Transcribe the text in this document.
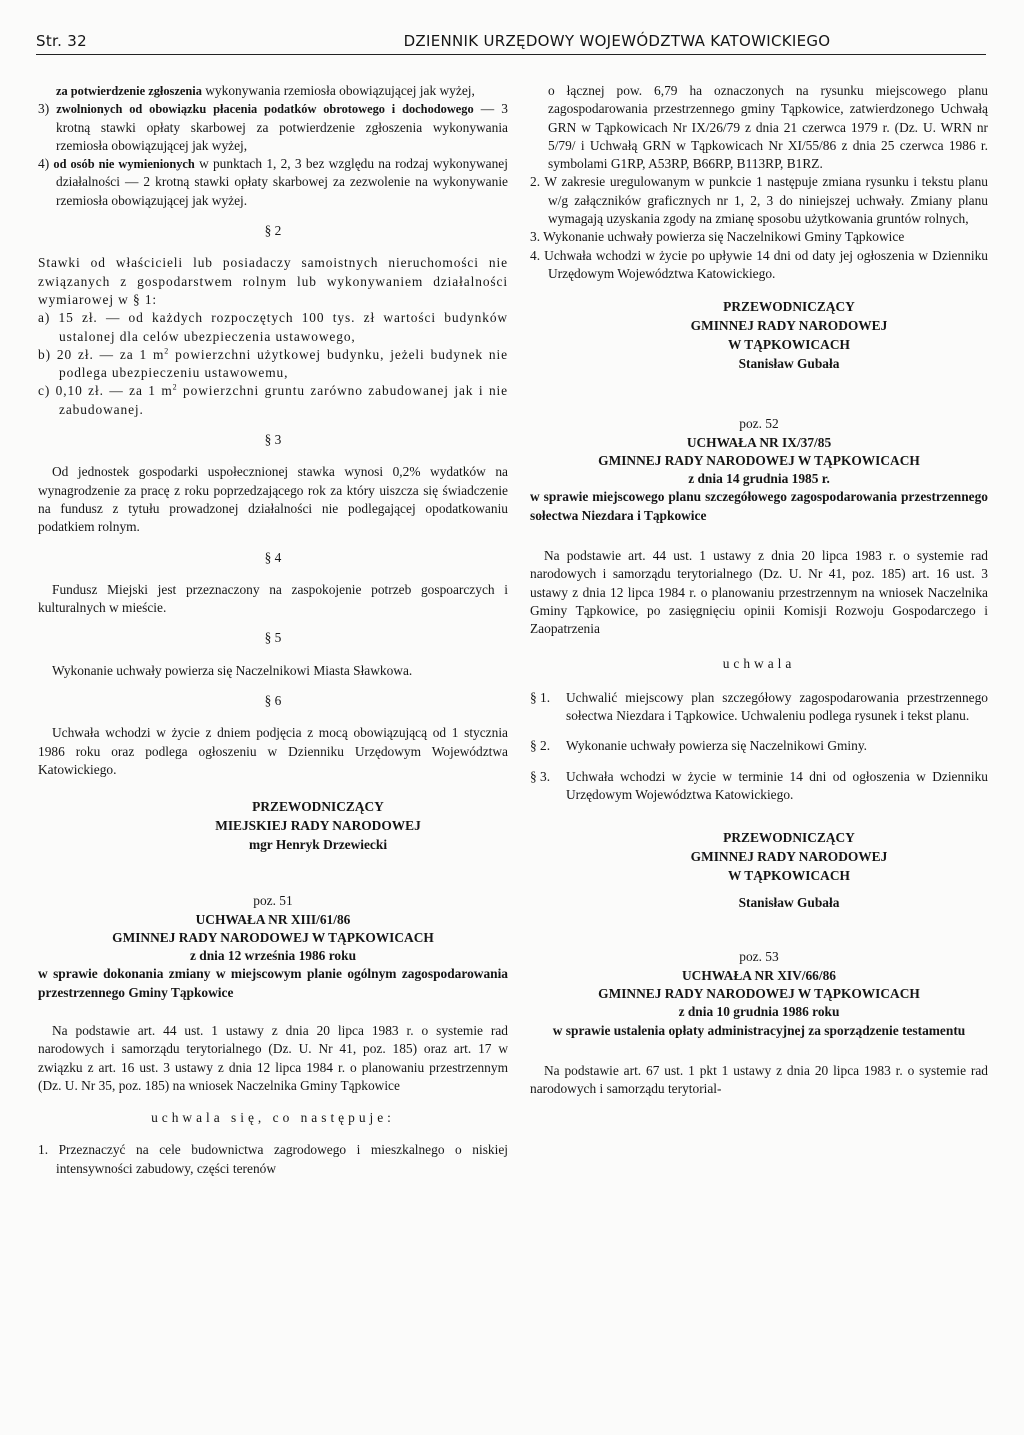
Str. 32	DZIENNIK URZĘDOWY WOJEWÓDZTWA KATOWICKIEGO

za potwierdzenie zgłoszenia wykonywania rzemiosła obowiązującej jak wyżej,

3) zwolnionych od obowiązku płacenia podatków obrotowego i dochodowego — 3 krotną stawki opłaty skarbowej za potwierdzenie zgłoszenia wykonywania rzemiosła obowiązującej jak wyżej,

4) od osób nie wymienionych w punktach 1, 2, 3 bez względu na rodzaj wykonywanej działalności — 2 krotną stawki opłaty skarbowej za zezwolenie na wykonywanie rzemiosła obowiązującej jak wyżej.

§ 2

Stawki od właścicieli lub posiadaczy samoistnych nieruchomości nie związanych z gospodarstwem rolnym lub wykonywaniem działalności wymiarowej w § 1:

a) 15 zł. — od każdych rozpoczętych 100 tys. zł wartości budynków ustalonej dla celów ubezpieczenia ustawowego,

b) 20 zł. — za 1 $m^2$ powierzchni użytkowej budynku, jeżeli budynek nie podlega ubezpieczeniu ustawowemu,

c) 0,10 zł. — za 1 $m^2$ powierzchni gruntu zarówno zabudowanej jak i nie zabudowanej.

§ 3

Od jednostek gospodarki uspołecznionej stawka wynosi 0,2% wydatków na wynagrodzenie za pracę z roku poprzedzającego rok za który uiszcza się świadczenie na fundusz z tytułu prowadzonej działalności nie podlegającej opodatkowaniu podatkiem rolnym.

§ 4

Fundusz Miejski jest przeznaczony na zaspokojenie potrzeb gospoarczych i kulturalnych w mieście.

§ 5

Wykonanie uchwały powierza się Naczelnikowi Miasta Sławkowa.

§ 6

Uchwała wchodzi w życie z dniem podjęcia z mocą obowiązującą od 1 stycznia 1986 roku oraz podlega ogłoszeniu w Dzienniku Urzędowym Województwa Katowickiego.

PRZEWODNICZĄCY

MIEJSKIEJ RADY NARODOWEJ

mgr Henryk Drzewiecki

poz. 51

UCHWAŁA NR XIII/61/86

GMINNEJ RADY NARODOWEJ W TĄPKOWICACH

z dnia 12 września 1986 roku

w sprawie dokonania zmiany w miejscowym planie ogólnym zagospodarowania przestrzennego Gminy Tąpkowice

Na podstawie art. 44 ust. 1 ustawy z dnia 20 lipca 1983 r. o systemie rad narodowych i samorządu terytorialnego (Dz. U. Nr 41, poz. 185) oraz art. 17 w związku z art. 16 ust. 3 ustawy z dnia 12 lipca 1984 r. o planowaniu przestrzennym (Dz. U. Nr 35, poz. 185) na wniosek Naczelnika Gminy Tąpkowice

uchwala się, co następuje:

1. Przeznaczyć na cele budownictwa zagrodowego i mieszkalnego o niskiej intensywności zabudowy, części terenów

o łącznej pow. 6,79 ha oznaczonych na rysunku miejscowego planu zagospodarowania przestrzennego gminy Tąpkowice, zatwierdzonego Uchwałą GRN w Tąpkowicach Nr IX/26/79 z dnia 21 czerwca 1979 r. (Dz. U. WRN nr 5/79/ i Uchwałą GRN w Tąpkowicach Nr XI/55/86 z dnia 25 czerwca 1986 r. symbolami G1RP, A53RP, B66RP, B113RP, B1RZ.

2. W zakresie uregulowanym w punkcie 1 następuje zmiana rysunku i tekstu planu w/g załączników graficznych nr 1, 2, 3 do niniejszej uchwały. Zmiany planu wymagają uzyskania zgody na zmianę sposobu użytkowania gruntów rolnych,

3. Wykonanie uchwały powierza się Naczelnikowi Gminy Tąpkowice

4. Uchwała wchodzi w życie po upływie 14 dni od daty jej ogłoszenia w Dzienniku Urzędowym Województwa Katowickiego.

PRZEWODNICZĄCY

GMINNEJ RADY NARODOWEJ

W TĄPKOWICACH

Stanisław Gubała

poz. 52

UCHWAŁA NR IX/37/85

GMINNEJ RADY NARODOWEJ W TĄPKOWICACH

z dnia 14 grudnia 1985 r.

w sprawie miejscowego planu szczegółowego zagospodarowania przestrzennego sołectwa Niezdara i Tąpkowice

Na podstawie art. 44 ust. 1 ustawy z dnia 20 lipca 1983 r. o systemie rad narodowych i samorządu terytorialnego (Dz. U. Nr 41, poz. 185) art. 16 ust. 3 ustawy z dnia 12 lipca 1984 r. o planowaniu przestrzennym na wniosek Naczelnika Gminy Tąpkowice, po zasięgnięciu opinii Komisji Rozwoju Gospodarczego i Zaopatrzenia

uchwala

§ 1.	Uchwalić miejscowy plan szczegółowy zagospodarowania przestrzennego sołectwa Niezdara i Tąpkowice. Uchwaleniu podlega rysunek i tekst planu.
§ 2.	Wykonanie uchwały powierza się Naczelnikowi Gminy.
§ 3.	Uchwała wchodzi w życie w terminie 14 dni od ogłoszenia w Dzienniku Urzędowym Województwa Katowickiego.

PRZEWODNICZĄCY

GMINNEJ RADY NARODOWEJ

W TĄPKOWICACH

Stanisław Gubała

poz. 53

UCHWAŁA NR XIV/66/86

GMINNEJ RADY NARODOWEJ W TĄPKOWICACH

z dnia 10 grudnia 1986 roku

w sprawie ustalenia opłaty administracyjnej za sporządzenie testamentu

Na podstawie art. 67 ust. 1 pkt 1 ustawy z dnia 20 lipca 1983 r. o systemie rad narodowych i samorządu terytorial-
